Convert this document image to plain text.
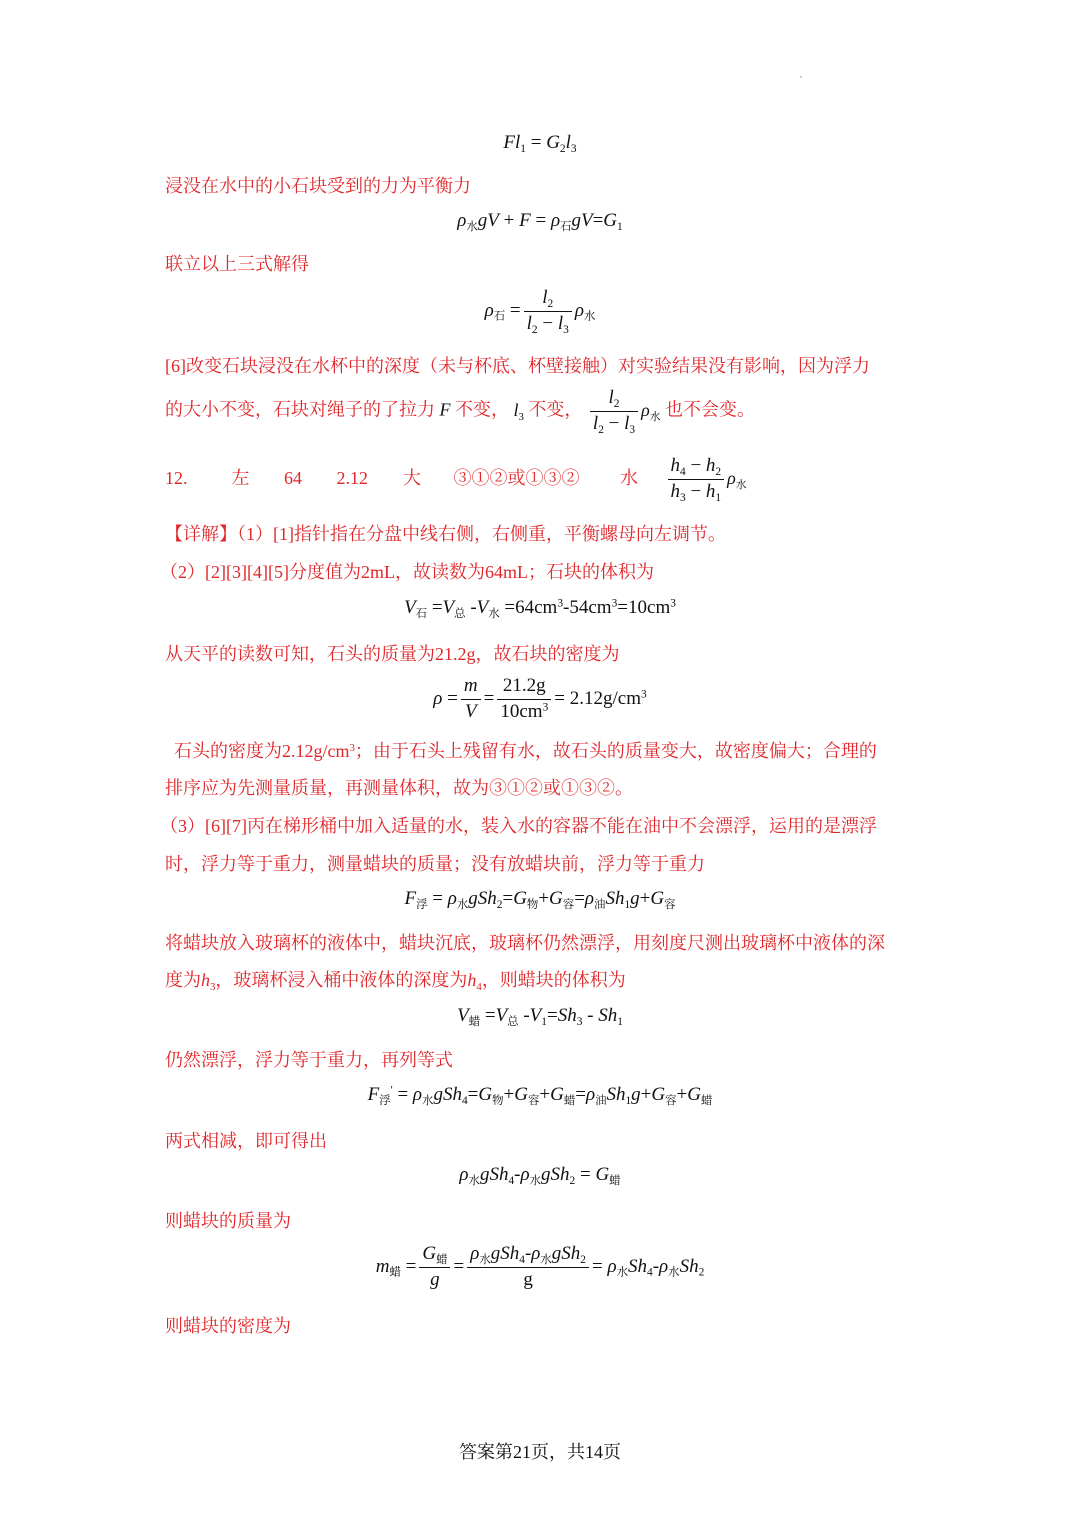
$Fl_1 = G_2l_3$
浸没在水中的小石块受到的力为平衡力
$\rho_水gV + F = \rho_石gV=G_1$
联立以上三式解得
$\rho_石 = \frac{l_2}{l_2 - l_3} \rho_水$
[6]改变石块浸没在水杯中的深度（未与杯底、杯壁接触）对实验结果没有影响，因为浮力
的大小不变，石块对绳子的了拉力 F 不变， $l_3$ 不变， $\frac{l_2}{l_2 - l_3} \rho_水$ 也不会变。
12. 左 64 2.12 大 ③①②或①③② 水 $\frac{h_4 - h_2}{h_3 - h_1} \rho_水$
【详解】（1）[1]指针指在分盘中线右侧，右侧重，平衡螺母向左调节。
（2）[2][3][4][5]分度值为2mL，故读数为64mL；石块的体积为
$V_石 =V_总$ $-V_水 =64cm^3-54cm^3=10cm^3$
从天平的读数可知，石头的质量为21.2g，故石块的密度为
$\rho = \frac{m}{V} = \frac{21.2g}{10cm^3} = 2.12g/cm^3$
石头的密度为$2.12g/cm^3$；由于石头上残留有水，故石头的质量变大，故密度偏大；合理的
排序应为先测量质量，再测量体积，故为③①②或①③②。
（3）[6][7]丙在梯形桶中加入适量的水，装入水的容器不能在油中不会漂浮，运用的是漂浮
时，浮力等于重力，测量蜡块的质量；没有放蜡块前，浮力等于重力
$F_浮 = \rho_水gSh_2=G_物+G_容=\rho_油Sh_1g+G_容$
将蜡块放入玻璃杯的液体中，蜡块沉底，玻璃杯仍然漂浮，用刻度尺测出玻璃杯中液体的深
度为$h_3$，玻璃杯浸入桶中液体的深度为$h_4$，则蜡块的体积为
$V_蜡 =V_总$ $-V_1=Sh_3 - Sh_1$
仍然漂浮，浮力等于重力，再列等式
$F_浮' = \rho_水gSh_4=G_物+G_容+G_蜡=\rho_油Sh_1g+G_容+G_蜡$
两式相减，即可得出
$\rho_水gSh_4-\rho_水gSh_2 = G_蜡$
则蜡块的质量为
$m_蜡 = \frac{G_蜡}{g} = \frac{\rho_水gSh_4-\rho_水gSh_2}{g} = \rho_水Sh_4-\rho_水Sh_2$
则蜡块的密度为
答案第21页，共14页
